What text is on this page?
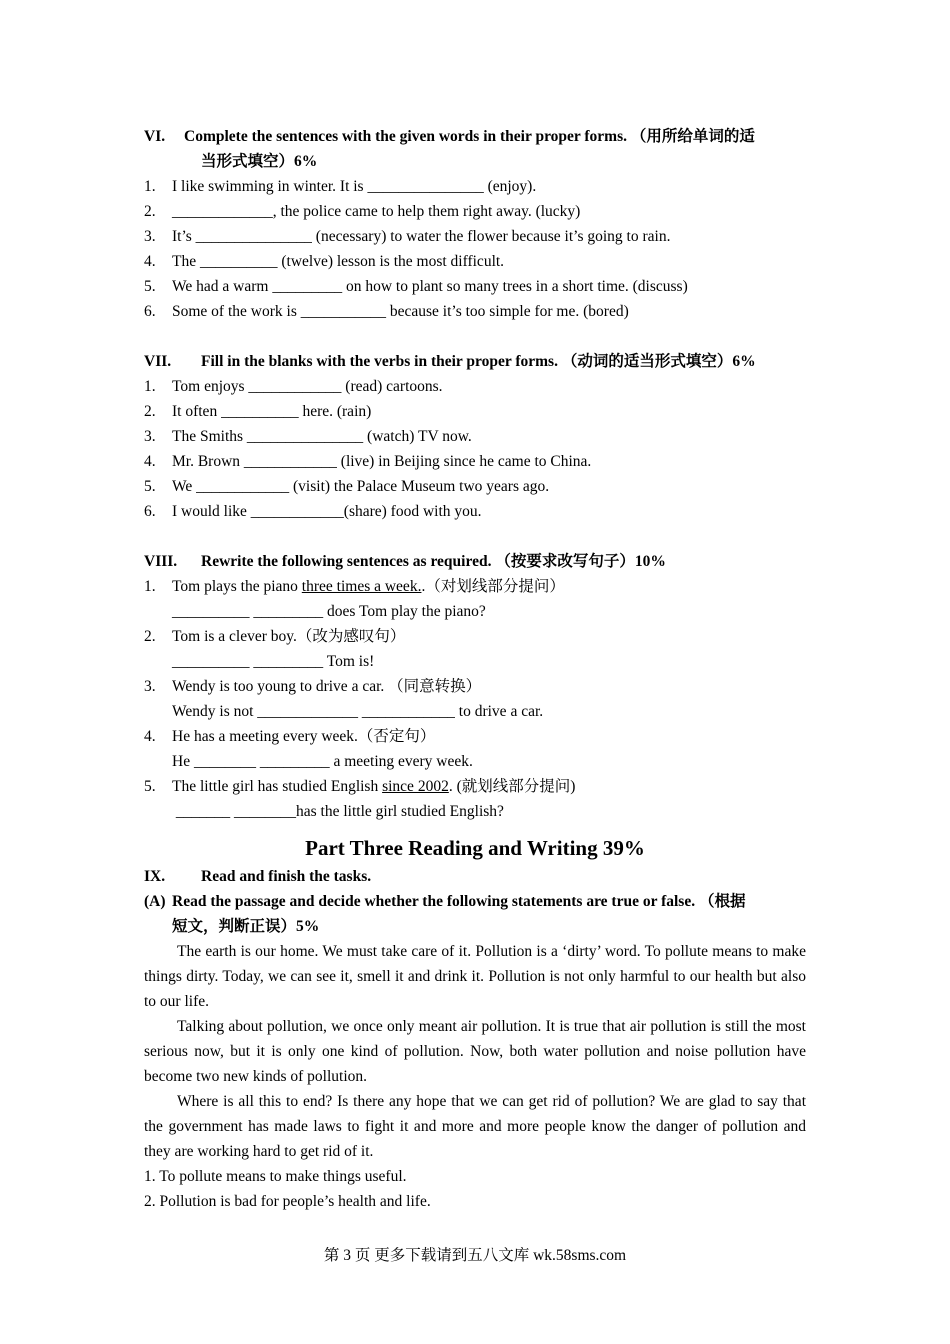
VI. Complete the sentences with the given words in their proper forms. （用所给单词的适
当形式填空）6%
1. I like swimming in winter. It is _______________ (enjoy).
2. _____________, the police came to help them right away. (lucky)
3. It’s _______________ (necessary) to water the flower because it’s going to rain.
4. The __________ (twelve) lesson is the most difficult.
5. We had a warm _________ on how to plant so many trees in a short time. (discuss)
6. Some of the work is ___________ because it’s too simple for me. (bored)
VII. Fill in the blanks with the verbs in their proper forms. （动词的适当形式填空）6%
1. Tom enjoys ____________ (read) cartoons.
2. It often __________ here. (rain)
3. The Smiths _______________ (watch) TV now.
4. Mr. Brown ____________ (live) in Beijing since he came to China.
5. We ____________ (visit) the Palace Museum two years ago.
6. I would like ____________(share) food with you.
VIII. Rewrite the following sentences as required. （按要求改写句子）10%
1. Tom plays the piano three times a week..（对划线部分提问）
__________ _________ does Tom play the piano?
2. Tom is a clever boy.（改为感叹句）
__________ _________ Tom is!
3. Wendy is too young to drive a car. （同意转换）
Wendy is not _____________ ____________ to drive a car.
4. He has a meeting every week.（否定句）
He ________ _________ a meeting every week.
5. The little girl has studied English since 2002. (就划线部分提问)
_______ ________has the little girl studied English?
Part Three Reading and Writing 39%
IX. Read and finish the tasks.
(A) Read the passage and decide whether the following statements are true or false. （根据
短文，判断正误）5%

The earth is our home. We must take care of it. Pollution is a ‘dirty’ word. To pollute means to make things dirty. Today, we can see it, smell it and drink it. Pollution is not only harmful to our health but also to our life.

Talking about pollution, we once only meant air pollution. It is true that air pollution is still the most serious now, but it is only one kind of pollution. Now, both water pollution and noise pollution have become two new kinds of pollution.

Where is all this to end? Is there any hope that we can get rid of pollution? We are glad to say that the government has made laws to fight it and more and more people know the danger of pollution and they are working hard to get rid of it.

1. To pollute means to make things useful.
2. Pollution is bad for people’s health and life.
第 3 页 更多下载请到五八文库 wk.58sms.com
